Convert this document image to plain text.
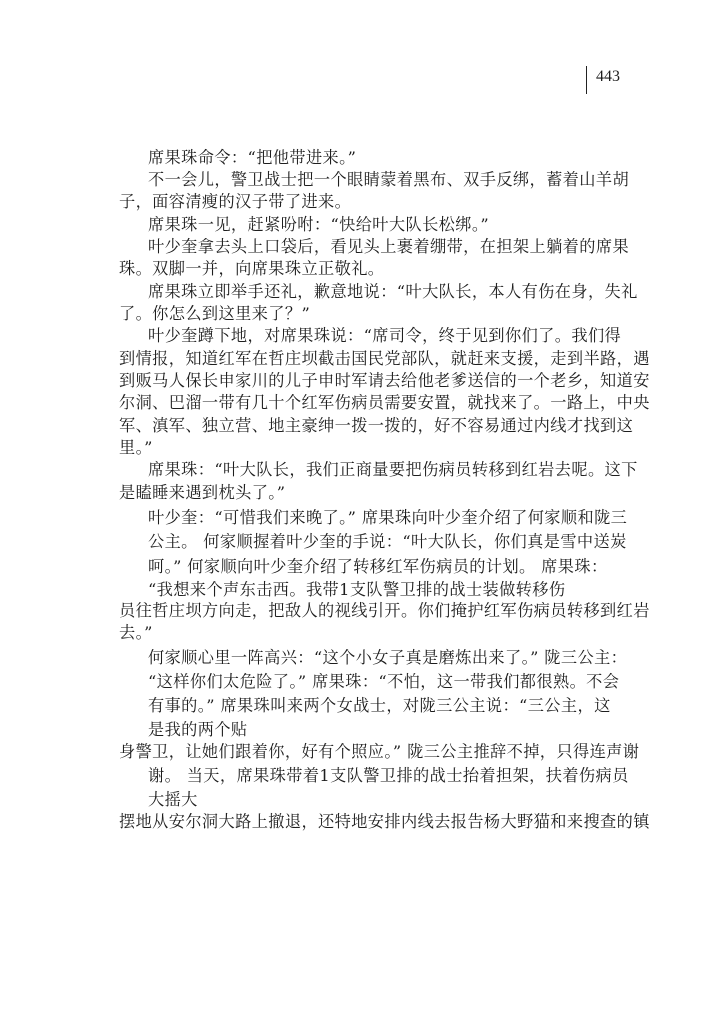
443
席果珠命令：“把他带进来。”
不一会儿，警卫战士把一个眼睛蒙着黑布、双手反绑，蓄着山羊胡
子，面容清瘦的汉子带了进来。
席果珠一见，赶紧吩咐：“快给叶大队长松绑。”
叶少奎拿去头上口袋后，看见头上裹着绷带，在担架上躺着的席果
珠。双脚一并，向席果珠立正敬礼。
席果珠立即举手还礼，歉意地说：“叶大队长，本人有伤在身，失礼
了。你怎么到这里来了？”
叶少奎蹲下地，对席果珠说：“席司令，终于见到你们了。我们得
到情报，知道红军在哲庄坝截击国民党部队，就赶来支援，走到半路，遇
到贩马人保长申家川的儿子申时军请去给他老爹送信的一个老乡，知道安
尔洞、巴溜一带有几十个红军伤病员需要安置，就找来了。一路上，中央
军、滇军、独立营、地主豪绅一拨一拨的，好不容易通过内线才找到这
里。”
席果珠：“叶大队长，我们正商量要把伤病员转移到红岩去呢。这下
是瞌睡来遇到枕头了。”
叶少奎：“可惜我们来晚了。” 席果珠向叶少奎介绍了何家顺和陇三
公主。 何家顺握着叶少奎的手说：“叶大队长，你们真是雪中送炭
呵。” 何家顺向叶少奎介绍了转移红军伤病员的计划。 席果珠：
“我想来个声东击西。我带1支队警卫排的战士装做转移伤
员往哲庄坝方向走，把敌人的视线引开。你们掩护红军伤病员转移到红岩
去。”
何家顺心里一阵高兴：“这个小女子真是磨炼出来了。” 陇三公主：
“这样你们太危险了。” 席果珠：“不怕，这一带我们都很熟。不会
有事的。” 席果珠叫来两个女战士，对陇三公主说：“三公主，这
是我的两个贴
身警卫，让她们跟着你，好有个照应。” 陇三公主推辞不掉，只得连声谢
谢。 当天，席果珠带着1支队警卫排的战士抬着担架，扶着伤病员
大摇大
摆地从安尔洞大路上撤退，还特地安排内线去报告杨大野猫和来搜查的镇
